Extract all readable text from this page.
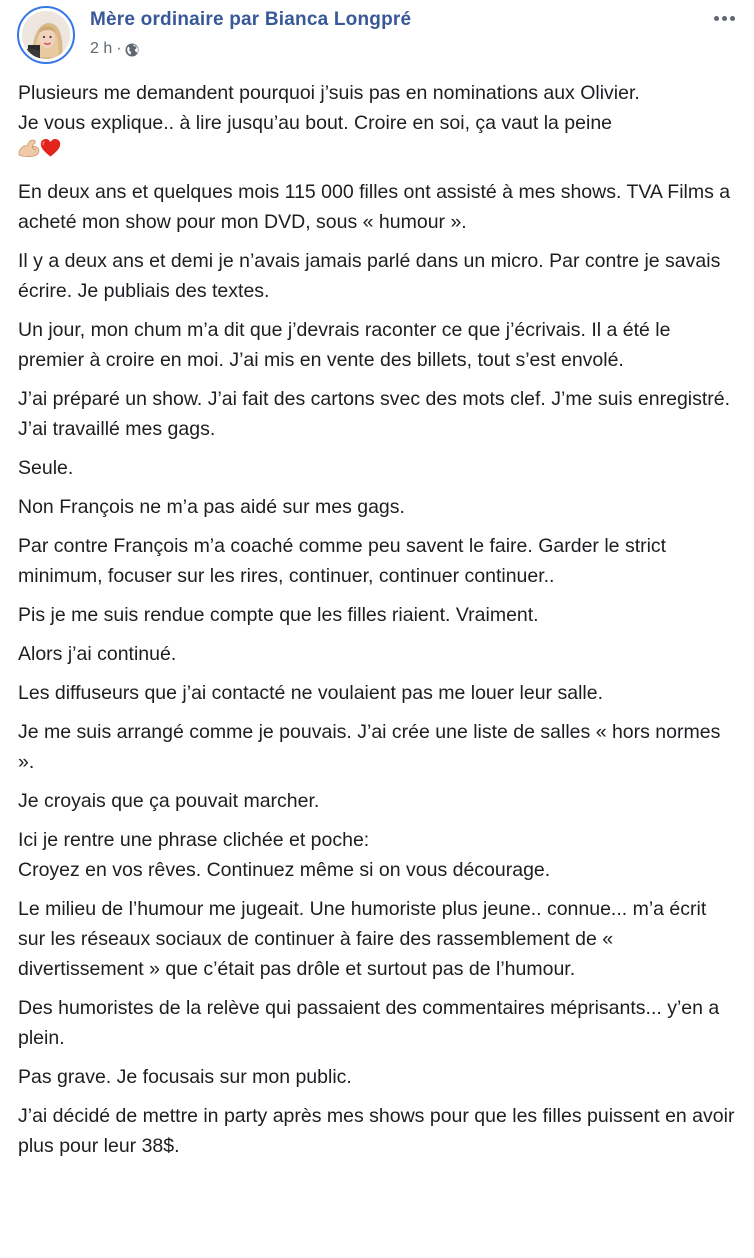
Mère ordinaire par Bianca Longpré
2 h ·

Plusieurs me demandent pourquoi j’suis pas en nominations aux Olivier.
Je vous explique.. à lire jusqu’au bout. Croire en soi, ça vaut la peine

En deux ans et quelques mois 115 000 filles ont assisté à mes shows. TVA Films a acheté mon show pour mon DVD, sous « humour ».

Il y a deux ans et demi je n’avais jamais parlé dans un micro. Par contre je savais écrire. Je publiais des textes.

Un jour, mon chum m’a dit que j’devrais raconter ce que j’écrivais. Il a été le premier à croire en moi. J’ai mis en vente des billets, tout s’est envolé.

J’ai préparé un show. J’ai fait des cartons svec des mots clef. J’me suis enregistré. J’ai travaillé mes gags.

Seule.

Non François ne m’a pas aidé sur mes gags.

Par contre François m’a coaché comme peu savent le faire. Garder le strict minimum, focuser sur les rires, continuer, continuer continuer..

Pis je me suis rendue compte que les filles riaient. Vraiment.

Alors j’ai continué.

Les diffuseurs que j’ai contacté ne voulaient pas me louer leur salle.

Je me suis arrangé comme je pouvais. J’ai crée une liste de salles « hors normes ».

Je croyais que ça pouvait marcher.

Ici je rentre une phrase clichée et poche:
Croyez en vos rêves. Continuez même si on vous décourage.

Le milieu de l’humour me jugeait. Une humoriste plus jeune.. connue... m’a écrit sur les réseaux sociaux de continuer à faire des rassemblement de « divertissement » que c’était pas drôle et surtout pas de l’humour.

Des humoristes de la relève qui passaient des commentaires méprisants... y’en a plein.

Pas grave. Je focusais sur mon public.

J’ai décidé de mettre in party après mes shows pour que les filles puissent en avoir plus pour leur 38$.
